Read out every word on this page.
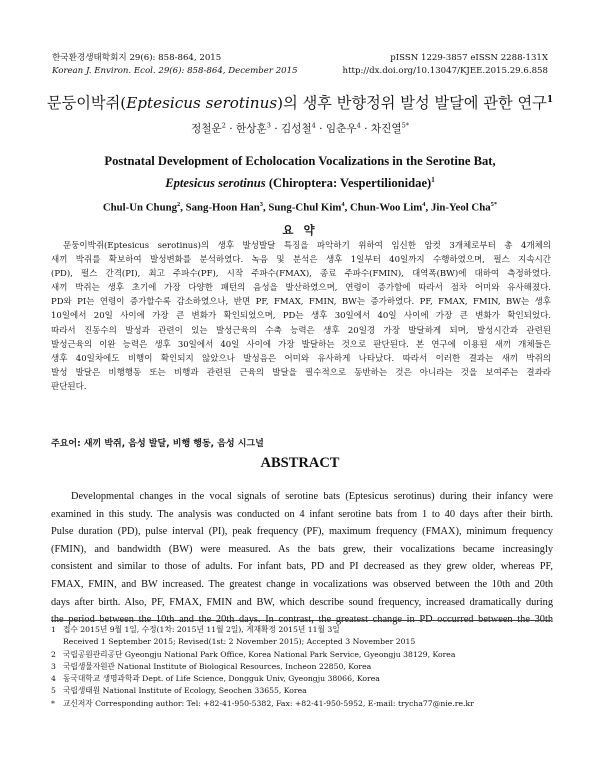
한국환경생태학회지 29(6): 858-864, 2015
Korean J. Environ. Ecol. 29(6): 858-864, December 2015
pISSN 1229-3857 eISSN 2288-131X
http://dx.doi.org/10.13047/KJEE.2015.29.6.858
문둥이박쥐(Eptesicus serotinus)의 생후 반향정위 발성 발달에 관한 연구$^1$
정철운$^2$ · 한상훈$^3$ · 김성철$^4$ · 임춘우$^4$ · 차진열$^{5*}$
Postnatal Development of Echolocation Vocalizations in the Serotine Bat,
Eptesicus serotinus (Chiroptera: Vespertilionidae)$^1$
Chul-Un Chung$^2$, Sang-Hoon Han$^3$, Sung-Chul Kim$^4$, Chun-Woo Lim$^4$, Jin-Yeol Cha$^{5*}$
요 약
문둥이박쥐(Eptesicus serotinus)의 생후 발성발달 특징을 파악하기 위하여 임신한 암컷 3개체로부터 총 4개체의
새끼 박쥐를 확보하여 발성변화를 분석하였다. 녹음 및 분석은 생후 1일부터 40일까지 수행하였으며, 펄스 지속시간
(PD), 펄스 간격(PI), 최고 주파수(PF), 시작 주파수(FMAX), 종료 주파수(FMIN), 대역폭(BW)에 대하여 측정하였다.
새끼 박쥐는 생후 초기에 가장 다양한 패턴의 음성을 발산하였으며, 연령이 증가함에 따라서 점차 어미와 유사해졌다.
PD와 PI는 연령이 증가할수록 감소하였으나, 반면 PF, FMAX, FMIN, BW는 증가하였다. PF, FMAX, FMIN, BW는 생후
10일에서 20일 사이에 가장 큰 변화가 확인되었으며, PD는 생후 30일에서 40일 사이에 가장 큰 변화가 확인되었다.
따라서 진동수의 발성과 관련이 있는 발성근육의 수축 능력은 생후 20일경 가장 발달하게 되며, 발성시간과 관련된
발성근육의 이완 능력은 생후 30일에서 40일 사이에 가장 발달하는 것으로 판단된다. 본 연구에 이용된 새끼 개체들은
생후 40일차에도 비행이 확인되지 않았으나 발성음은 어미와 유사하게 나타났다. 따라서 이러한 결과는 새끼 박쥐의
발성 발달은 비행행동 또는 비행과 관련된 근육의 발달을 필수적으로 동반하는 것은 아니라는 것을 보여주는 결과라
판단된다.
주요어: 새끼 박쥐, 음성 발달, 비행 행동, 음성 시그널
ABSTRACT
Developmental changes in the vocal signals of serotine bats (Eptesicus serotinus) during their infancy were
examined in this study. The analysis was conducted on 4 infant serotine bats from 1 to 40 days after their birth.
Pulse duration (PD), pulse interval (PI), peak frequency (PF), maximum frequency (FMAX), minimum frequency
(FMIN), and bandwidth (BW) were measured. As the bats grew, their vocalizations became increasingly
consistent and similar to those of adults. For infant bats, PD and PI decreased as they grew older, whereas PF,
FMAX, FMIN, and BW increased. The greatest change in vocalizations was observed between the 10th and 20th
days after birth. Also, PF, FMAX, FMIN and BW, which describe sound frequency, increased dramatically during
the period between the 10th and the 20th days. In contrast, the greatest change in PD occurred between the 30th
1 접수 2015년 9월 1일, 수정(1차: 2015년 11월 2일), 게재확정 2015년 11월 3일
Received 1 September 2015; Revised(1st: 2 November 2015); Accepted 3 November 2015
2 국립공원관리공단 Gyeongju National Park Office, Korea National Park Service, Gyeongju 38129, Korea
3 국립생물자원관 National Institute of Biological Resources, Incheon 22850, Korea
4 동국대학교 생명과학과 Dept. of Life Science, Dongguk Univ, Gyeongju 38066, Korea
5 국립생태원 National Institute of Ecology, Seochen 33655, Korea
*	교신저자 Corresponding author: Tel: +82-41-950-5382, Fax: +82-41-950-5952, E-mail: trycha77@nie.re.kr
